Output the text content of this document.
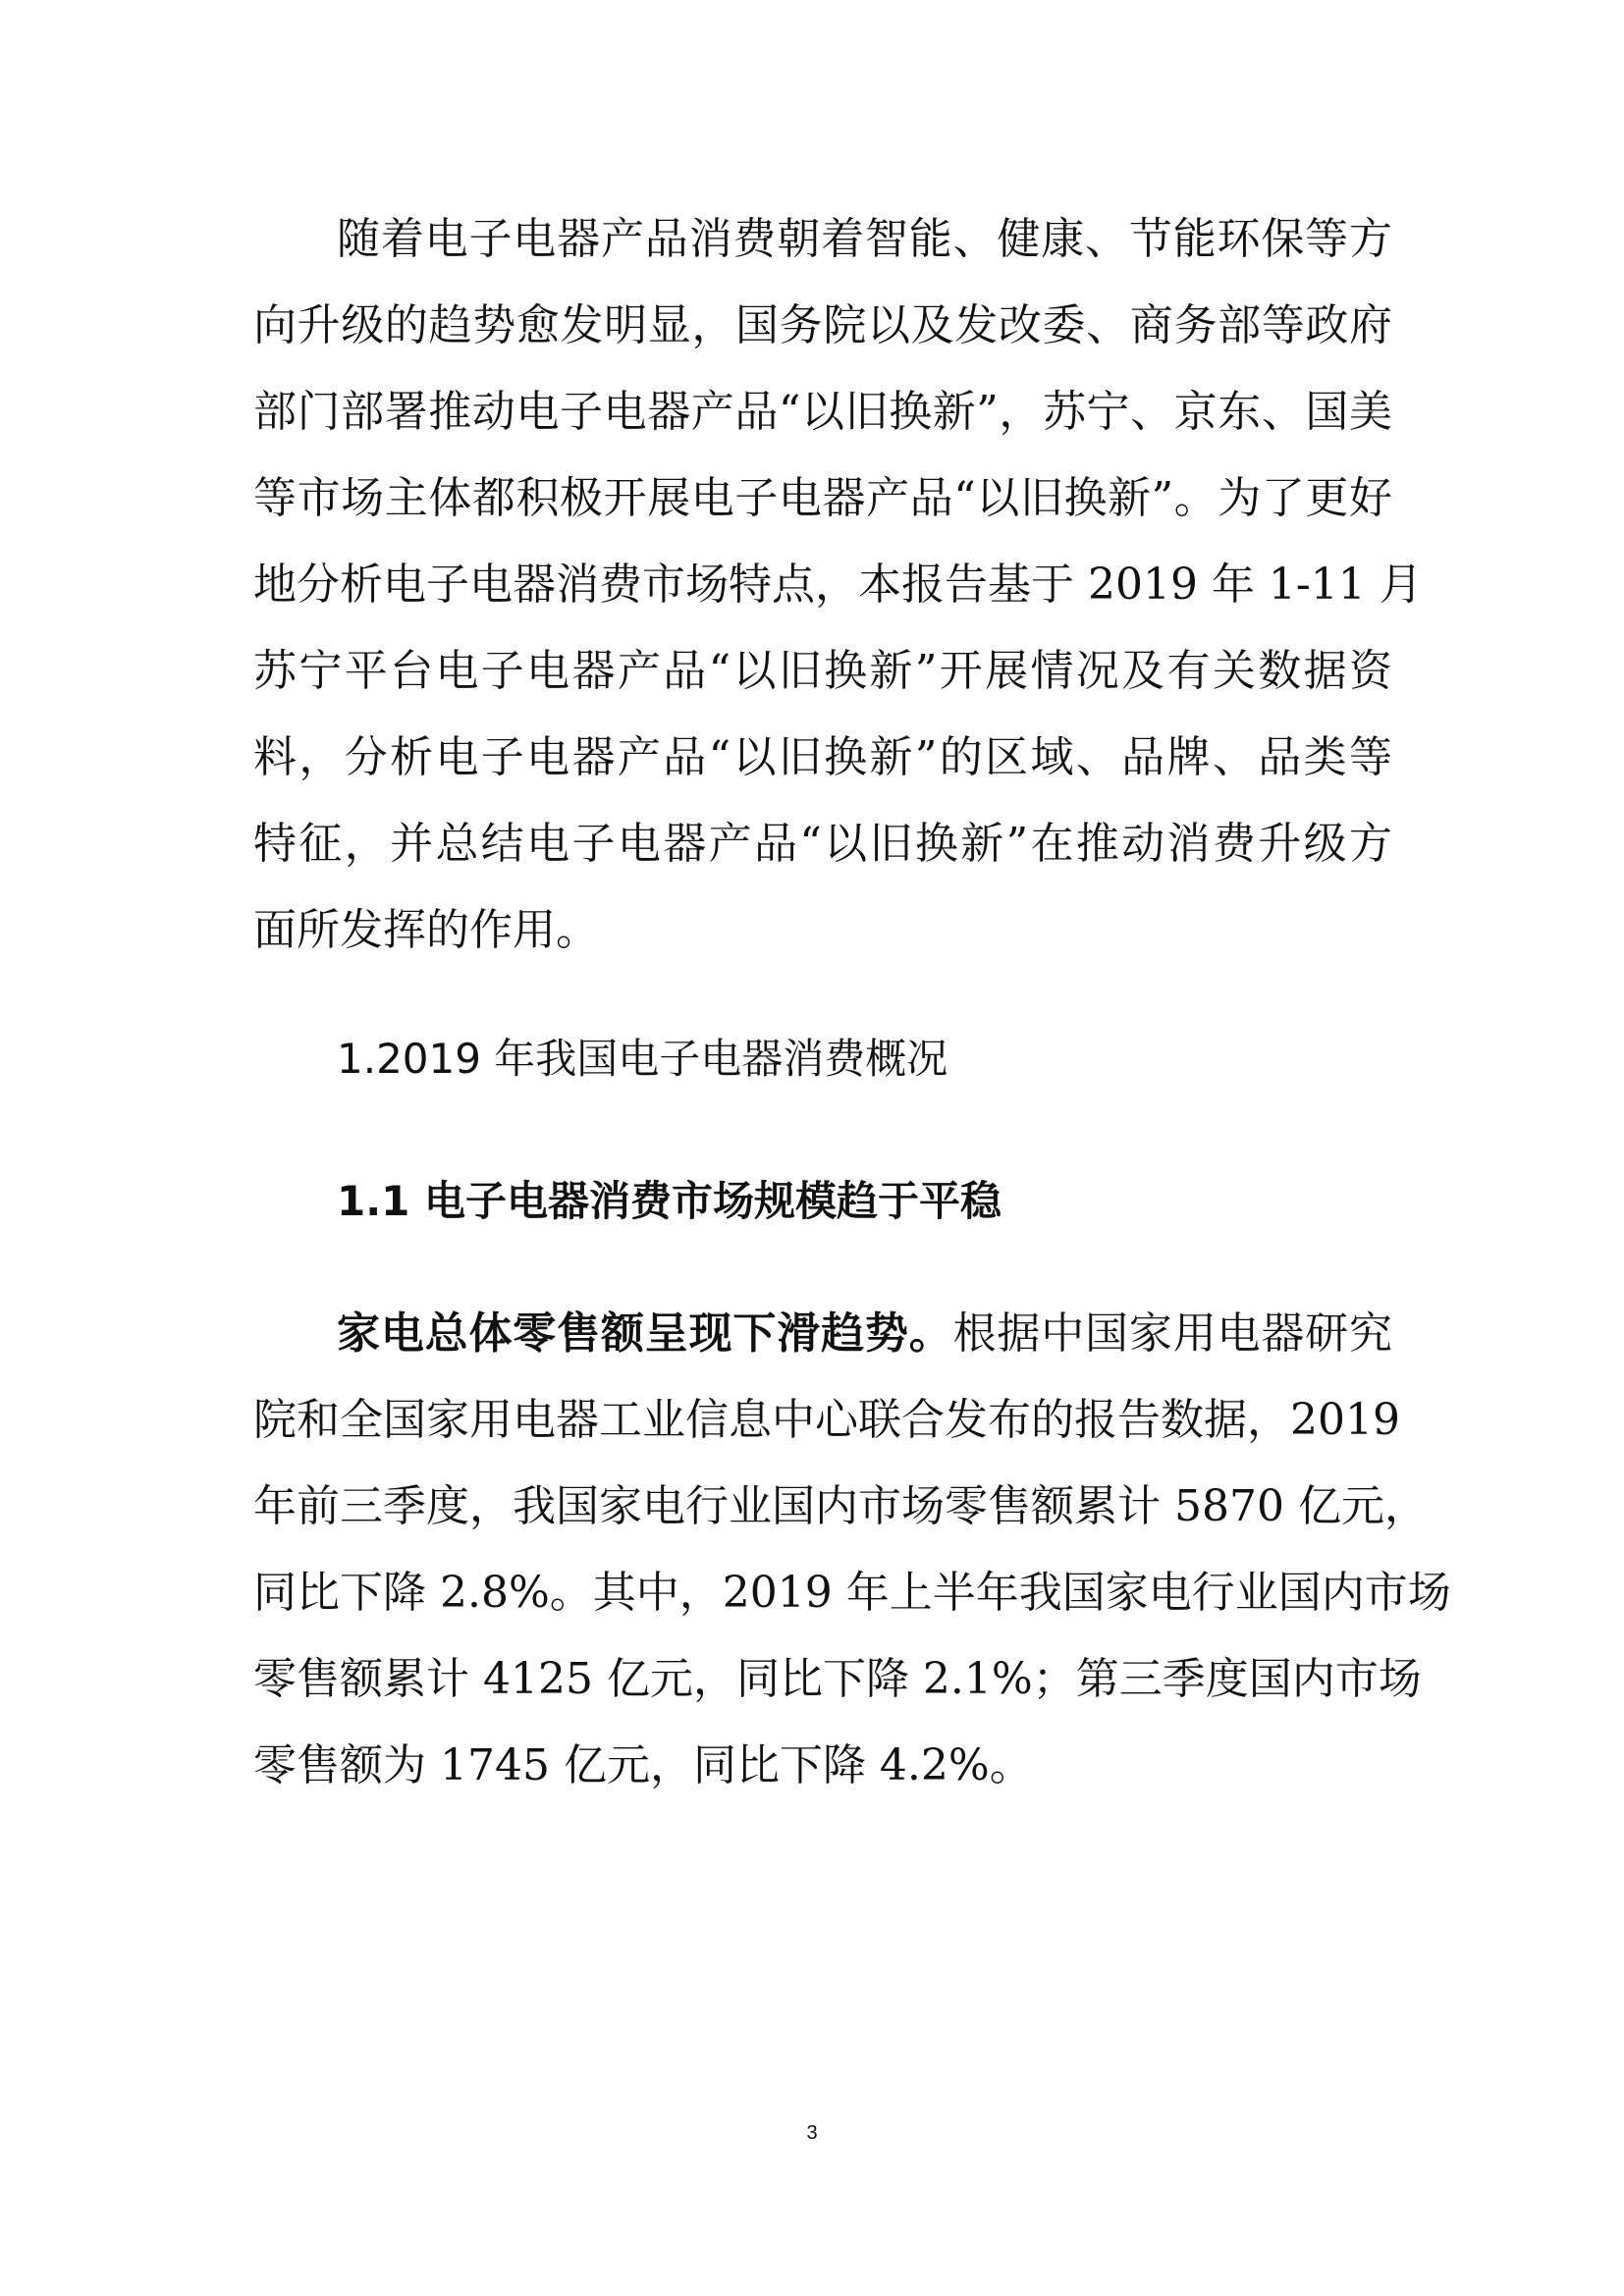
随着电子电器产品消费朝着智能、健康、节能环保等方
向升级的趋势愈发明显，国务院以及发改委、商务部等政府
部门部署推动电子电器产品“以旧换新”，苏宁、京东、国美
等市场主体都积极开展电子电器产品“以旧换新”。为了更好
地分析电子电器消费市场特点，本报告基于 2019 年 1-11 月
苏宁平台电子电器产品“以旧换新”开展情况及有关数据资
料，分析电子电器产品“以旧换新”的区域、品牌、品类等
特征，并总结电子电器产品“以旧换新”在推动消费升级方
面所发挥的作用。
1.2019 年我国电子电器消费概况
1.1 电子电器消费市场规模趋于平稳
家电总体零售额呈现下滑趋势。根据中国家用电器研究
院和全国家用电器工业信息中心联合发布的报告数据，2019
年前三季度，我国家电行业国内市场零售额累计 5870 亿元，
同比下降 2.8%。其中，2019 年上半年我国家电行业国内市场
零售额累计 4125 亿元，同比下降 2.1%；第三季度国内市场
零售额为 1745 亿元，同比下降 4.2%。
3
